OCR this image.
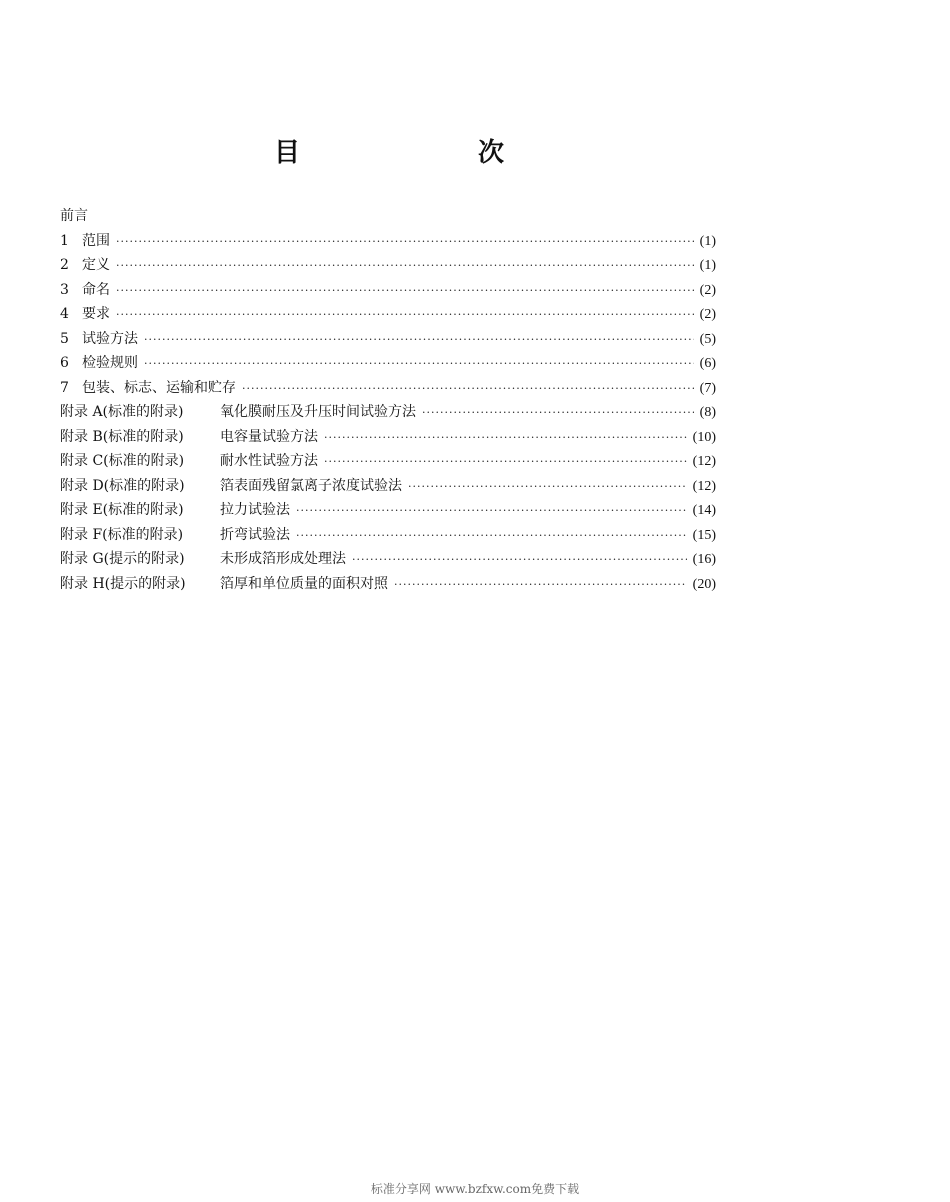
目　　次
前言
1 范围 ·····	(1)
2 定义 ·····	(1)
3 命名 ·····	(2)
4 要求 ·····	(2)
5 试验方法 ·····	(5)
6 检验规则 ·····	(6)
7 包装、标志、运输和贮存 ·····	(7)
附录 A(标准的附录)	氧化膜耐压及升压时间试验方法 ·····	(8)
附录 B(标准的附录)	电容量试验方法 ·····	(10)
附录 C(标准的附录)	耐水性试验方法 ·····	(12)
附录 D(标准的附录)	箔表面残留氯离子浓度试验法 ·····	(12)
附录 E(标准的附录)	拉力试验法 ·····	(14)
附录 F(标准的附录)	折弯试验法 ·····	(15)
附录 G(提示的附录)	未形成箔形成处理法 ·····	(16)
附录 H(提示的附录)	箔厚和单位质量的面积对照 ·····	(20)
标准分享网 www.bzfxw.com免费下载
